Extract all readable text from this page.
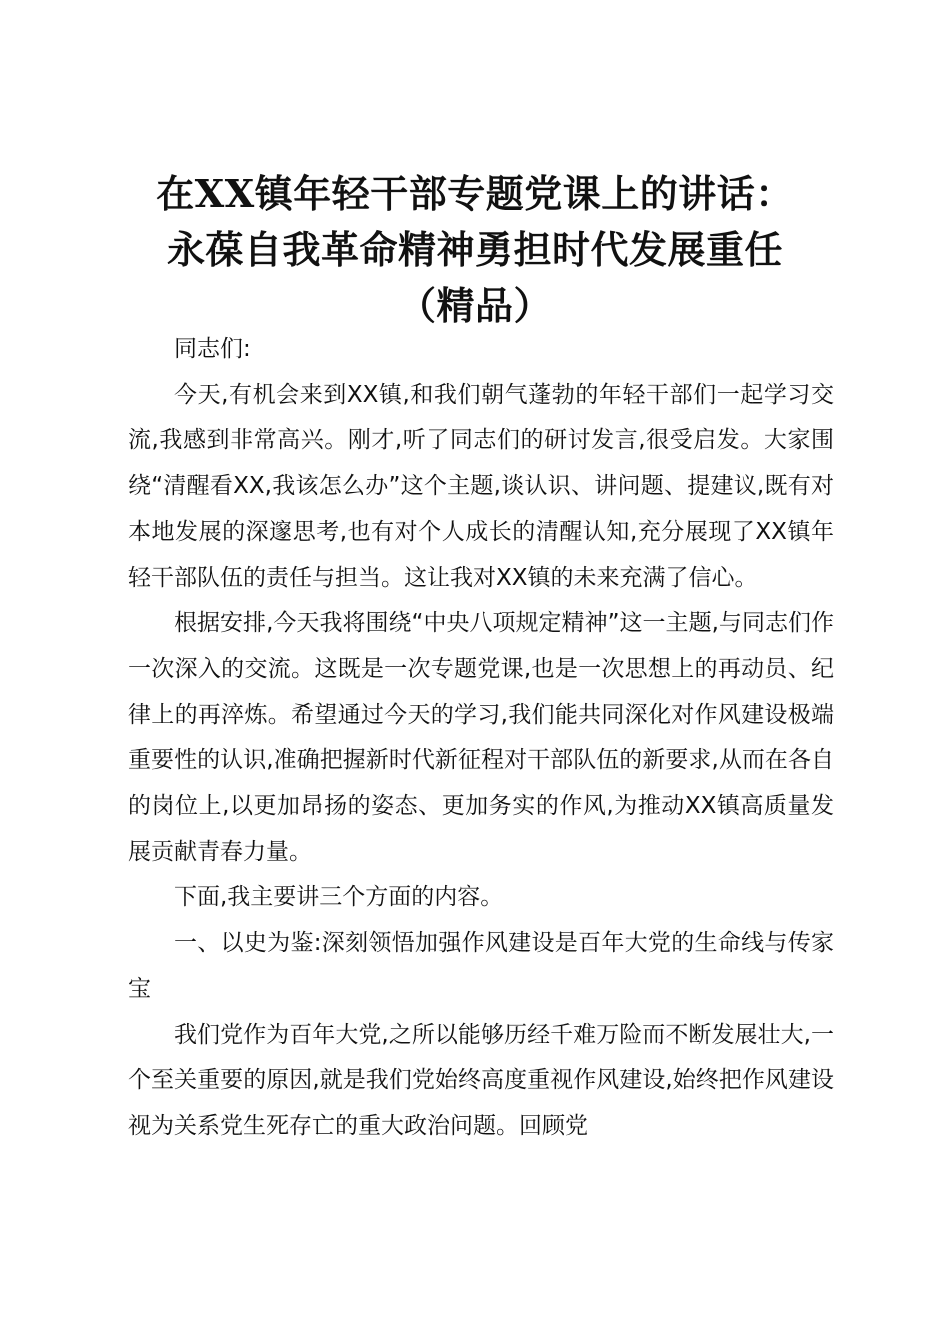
在XX镇年轻干部专题党课上的讲话：
永葆自我革命精神勇担时代发展重任
（精品）

同志们:

今天,有机会来到XX镇,和我们朝气蓬勃的年轻干部们一起学习交流,我感到非常高兴。刚才,听了同志们的研讨发言,很受启发。大家围绕“清醒看XX,我该怎么办”这个主题,谈认识、讲问题、提建议,既有对本地发展的深邃思考,也有对个人成长的清醒认知,充分展现了XX镇年轻干部队伍的责任与担当。这让我对XX镇的未来充满了信心。

根据安排,今天我将围绕“中央八项规定精神”这一主题,与同志们作一次深入的交流。这既是一次专题党课,也是一次思想上的再动员、纪律上的再淬炼。希望通过今天的学习,我们能共同深化对作风建设极端重要性的认识,准确把握新时代新征程对干部队伍的新要求,从而在各自的岗位上,以更加昂扬的姿态、更加务实的作风,为推动XX镇高质量发展贡献青春力量。

下面,我主要讲三个方面的内容。

一、以史为鉴:深刻领悟加强作风建设是百年大党的生命线与传家宝

我们党作为百年大党,之所以能够历经千难万险而不断发展壮大,一个至关重要的原因,就是我们党始终高度重视作风建设,始终把作风建设视为关系党生死存亡的重大政治问题。回顾党
